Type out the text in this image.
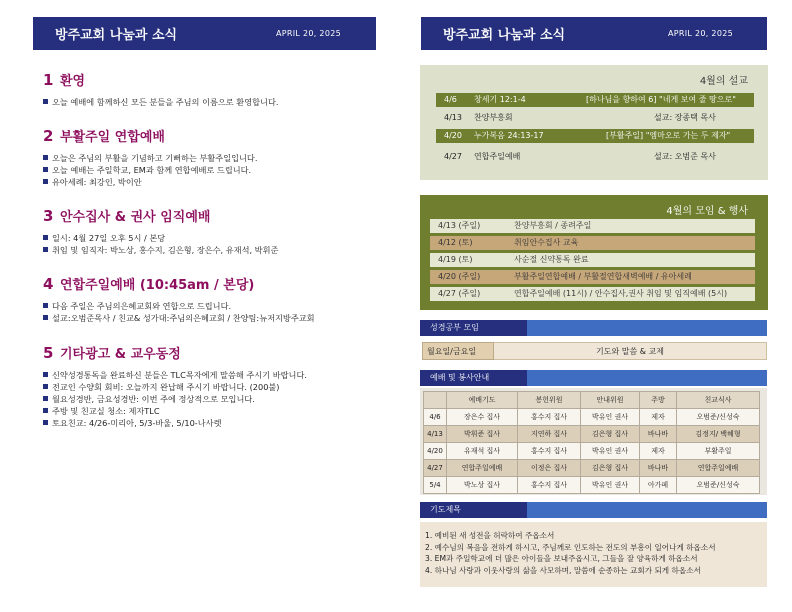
방주교회 나눔과 소식	APRIL 20, 2025
1 환영
오늘 예배에 함께하신 모든 분들을 주님의 이름으로 환영합니다.
2 부활주일 연합예배
오늘은 주님의 부활을 기념하고 기뻐하는 부활주일입니다.
오늘 예배는 주일학교, EM과 함께 연합예배로 드립니다.
유아세례: 최강인, 박이안
3 안수집사 & 권사 임직예배
일시: 4월 27일 오후 5시 / 본당
취임 및 임직자: 박노상, 홍수지, 김은형, 장은수, 유재석, 박휘준
4 연합주일예배 (10:45am / 본당)
다음 주일은 주님의은혜교회와 연합으로 드립니다.
설교:오범준목사 / 친교& 성가대:주님의은혜교회 / 찬양팀:뉴저지방주교회
5 기타광고 & 교우동정
신약성경통독을 완료하신 분들은 TLC목자에게 말씀해 주시기 바랍니다.
전교인 수양회 회비: 오늘까지 완납해 주시기 바랍니다. (200불)
월요성경반, 금요성경반: 이번 주에 정상적으로 모입니다.
주방 및 친교실 청소: 제자TLC
토요친교: 4/26-미리아, 5/3-바울, 5/10-나사렛
방주교회 나눔과 소식	APRIL 20, 2025
4월의 설교
4/6 창세기 12:1-4	[하나님을 향하여 6] "네게 보여 줄 땅으로"
4/13 찬양부흥회	설교: 장종택 목사
4/20 누가복음 24:13-17	[부활주일] "엠마오로 가는 두 제자"
4/27 연합주일예배	설교: 오범준 목사
4월의 모임 & 행사
4/13 (주일)	찬양부흥회 / 종려주일
4/12 (토)	취임안수집사 교육
4/19 (토)	사순절 신약통독 완료
4/20 (주일)	부활주일연합예배 / 부활절연합새벽예배 / 유아세례
4/27 (주일)	연합주일예배 (11시) / 안수집사,권사 취임 및 임직예배 (5시)
성경공부 모임
월요일/금요일	기도와 말씀 & 교제
예배 및 봉사안내
	예배기도	봉헌위원	안내위원	주방	친교식사
4/6	장은수 집사	홍수지 집사	박유인 권사	제자	오범준/신성숙
4/13	박휘준 집사	지연하 집사	김은형 집사	바나바	김정지/ 백혜형
4/20	유재석 집사	홍수지 집사	박유인 권사	제자	부활주일
4/27	연합주일예배	이정은 집사	김은형 집사	바나바	연합주일예배
5/4	박노상 집사	홍수지 집사	박유인 권사	아가페	오범준/신성숙
기도제목
1. 예비된 새 성전을 허락하여 주옵소서
2. 예수님의 복음을 전하게 하시고, 주님께로 인도하는 전도의 부흥이 일어나게 하옵소서
3. EM과 주일학교에 더 많은 아이들을 보내주옵시고, 그들을 잘 양육하게 하옵소서
4. 하나님 사랑과 이웃사랑의 삶을 사모하며, 말씀에 순종하는 교회가 되게 하옵소서
